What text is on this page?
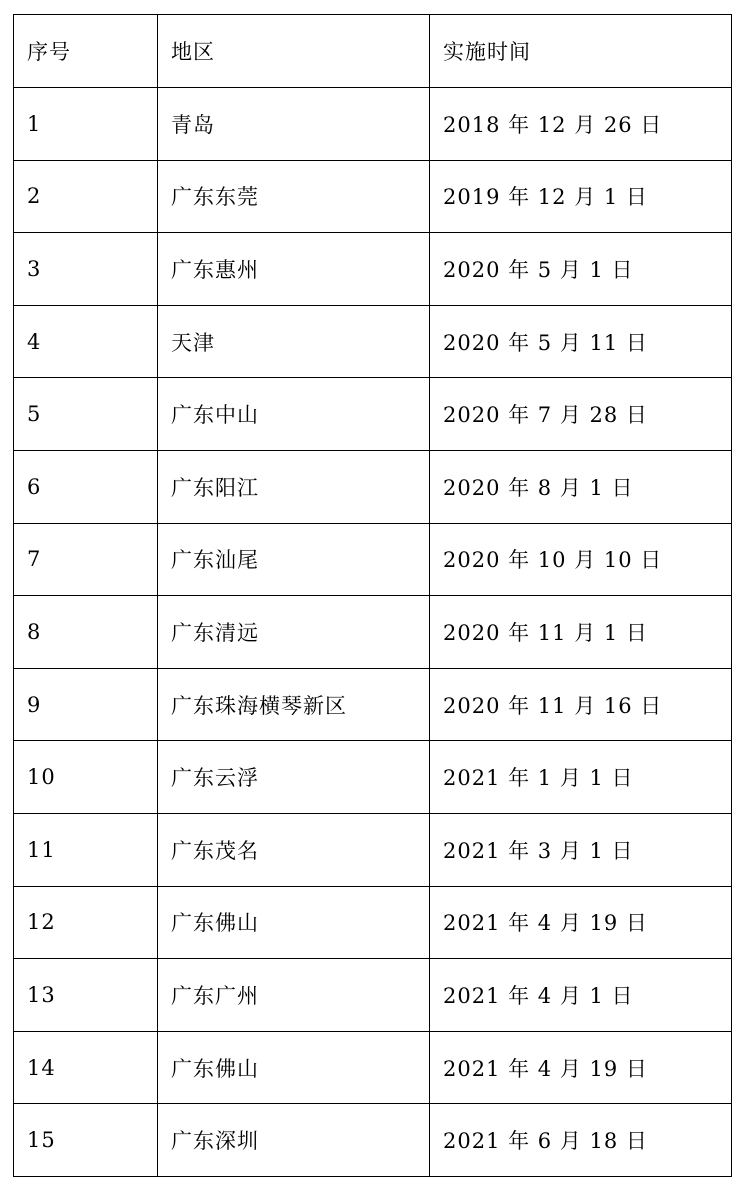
序号	地区	实施时间
1	青岛	2018 年 12 月 26 日
2	广东东莞	2019 年 12 月 1 日
3	广东惠州	2020 年 5 月 1 日
4	天津	2020 年 5 月 11 日
5	广东中山	2020 年 7 月 28 日
6	广东阳江	2020 年 8 月 1 日
7	广东汕尾	2020 年 10 月 10 日
8	广东清远	2020 年 11 月 1 日
9	广东珠海横琴新区	2020 年 11 月 16 日
10	广东云浮	2021 年 1 月 1 日
11	广东茂名	2021 年 3 月 1 日
12	广东佛山	2021 年 4 月 19 日
13	广东广州	2021 年 4 月 1 日
14	广东佛山	2021 年 4 月 19 日
15	广东深圳	2021 年 6 月 18 日
